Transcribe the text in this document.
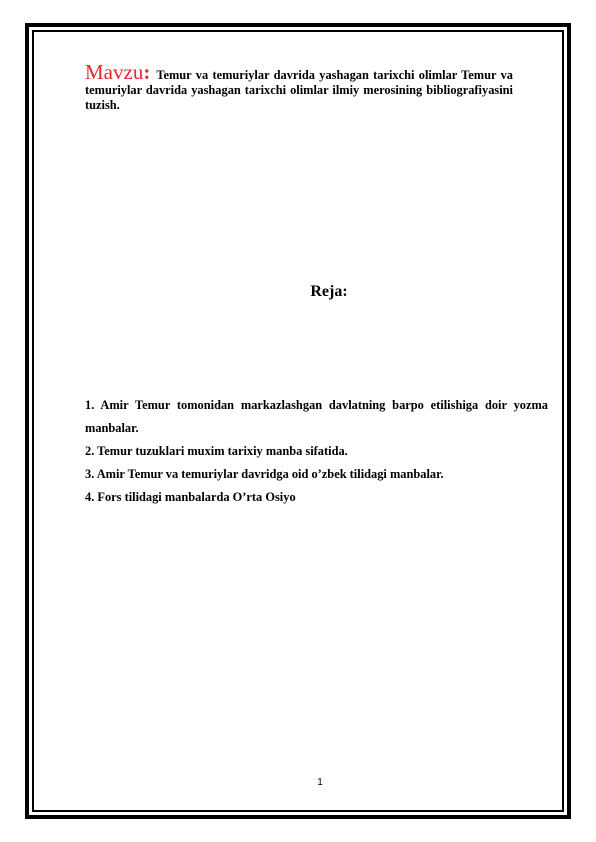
Mavzu: Temur va temuriylar davrida yashagan tarixchi olimlar Temur va temuriylar davrida yashagan tarixchi olimlar ilmiy merosining bibliografiyasini tuzish.
Reja:
1. Amir Temur tomonidan markazlashgan davlatning barpo etilishiga doir yozma manbalar.
2. Temur tuzuklari muxim tarixiy manba sifatida.
3. Amir Temur va temuriylar davridga oid o’zbek tilidagi manbalar.
4. Fors tilidagi manbalarda O’rta Osiyo
1
